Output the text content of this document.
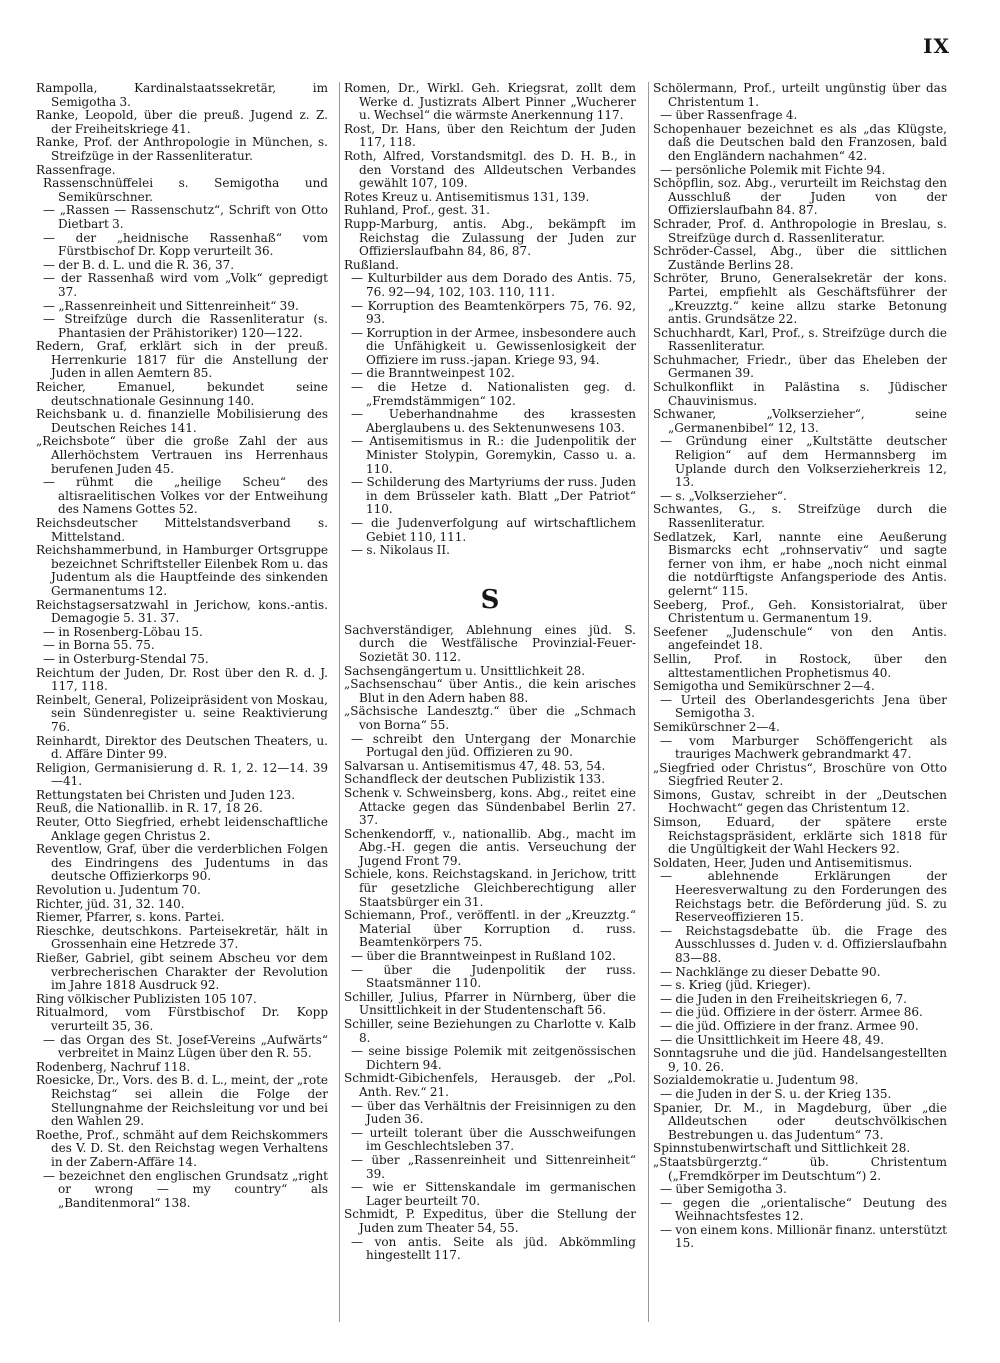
IX

Rampolla, Kardinalstaatssekretär, im Semigotha 3.

Ranke, Leopold, über die preuß. Jugend z. Z. der Freiheitskriege 41.

Ranke, Prof. der Anthropologie in München, s. Streifzüge in der Rassenliteratur.

Rassenfrage.

Rassenschnüffelei s. Semigotha und Semikürschner.

— „Rassen — Rassenschutz“, Schrift von Otto Dietbart 3.

— der „heidnische Rassenhaß“ vom Fürstbischof Dr. Kopp verurteilt 36.

— der B. d. L. und die R. 36, 37.

— der Rassenhaß wird vom „Volk“ gepredigt 37.

— „Rassenreinheit und Sittenreinheit“ 39.

— Streifzüge durch die Rassenliteratur (s. Phantasien der Prähistoriker) 120—122.

Redern, Graf, erklärt sich in der preuß. Herrenkurie 1817 für die Anstellung der Juden in allen Aemtern 85.

Reicher, Emanuel, bekundet seine deutschnationale Gesinnung 140.

Reichsbank u. d. finanzielle Mobilisierung des Deutschen Reiches 141.

„Reichsbote“ über die große Zahl der aus Allerhöchstem Vertrauen ins Herrenhaus berufenen Juden 45.

— rühmt die „heilige Scheu“ des altisraelitischen Volkes vor der Entweihung des Namens Gottes 52.

Reichsdeutscher Mittelstandsverband s. Mittelstand.

Reichshammerbund, in Hamburger Ortsgruppe bezeichnet Schriftsteller Eilenbek Rom u. das Judentum als die Hauptfeinde des sinkenden Germanentums 12.

Reichstagsersatzwahl in Jerichow, kons.-antis. Demagogie 5. 31. 37.

— in Rosenberg-Löbau 15.

— in Borna 55. 75.

— in Osterburg-Stendal 75.

Reichtum der Juden, Dr. Rost über den R. d. J. 117, 118.

Reinbelt, General, Polizeipräsident von Moskau, sein Sündenregister u. seine Reaktivierung 76.

Reinhardt, Direktor des Deutschen Theaters, u. d. Affäre Dinter 99.

Religion, Germanisierung d. R. 1, 2. 12—14. 39—41.

Rettungstaten bei Christen und Juden 123.

Reuß, die Nationallib. in R. 17, 18 26.

Reuter, Otto Siegfried, erhebt leidenschaftliche Anklage gegen Christus 2.

Reventlow, Graf, über die verderblichen Folgen des Eindringens des Judentums in das deutsche Offizierkorps 90.

Revolution u. Judentum 70.

Richter, jüd. 31, 32. 140.

Riemer, Pfarrer, s. kons. Partei.

Rieschke, deutschkons. Parteisekretär, hält in Grossenhain eine Hetzrede 37.

Rießer, Gabriel, gibt seinem Abscheu vor dem verbrecherischen Charakter der Revolution im Jahre 1818 Ausdruck 92.

Ring völkischer Publizisten 105 107.

Ritualmord, vom Fürstbischof Dr. Kopp verurteilt 35, 36.

— das Organ des St. Josef-Vereins „Aufwärts“ verbreitet in Mainz Lügen über den R. 55.

Rodenberg, Nachruf 118.

Roesicke, Dr., Vors. des B. d. L., meint, der „rote Reichstag“ sei allein die Folge der Stellungnahme der Reichsleitung vor und bei den Wahlen 29.

Roethe, Prof., schmäht auf dem Reichskommers des V. D. St. den Reichstag wegen Verhaltens in der Zabern-Affäre 14.

— bezeichnet den englischen Grundsatz „right or wrong — my country“ als „Banditenmoral“ 138.

Romen, Dr., Wirkl. Geh. Kriegsrat, zollt dem Werke d. Justizrats Albert Pinner „Wucherer u. Wechsel“ die wärmste Anerkennung 117.

Rost, Dr. Hans, über den Reichtum der Juden 117, 118.

Roth, Alfred, Vorstandsmitgl. des D. H. B., in den Vorstand des Alldeutschen Verbandes gewählt 107, 109.

Rotes Kreuz u. Antisemitismus 131, 139.

Ruhland, Prof., gest. 31.

Rupp-Marburg, antis. Abg., bekämpft im Reichstag die Zulassung der Juden zur Offizierslaufbahn 84, 86, 87.

Rußland.

— Kulturbilder aus dem Dorado des Antis. 75, 76. 92—94, 102, 103. 110, 111.

— Korruption des Beamtenkörpers 75, 76. 92, 93.

— Korruption in der Armee, insbesondere auch die Unfähigkeit u. Gewissenlosigkeit der Offiziere im russ.-japan. Kriege 93, 94.

— die Branntweinpest 102.

— die Hetze d. Nationalisten geg. d. „Fremdstämmigen“ 102.

— Ueberhandnahme des krassesten Aberglaubens u. des Sektenunwesens 103.

— Antisemitismus in R.: die Judenpolitik der Minister Stolypin, Goremykin, Casso u. a. 110.

— Schilderung des Martyriums der russ. Juden in dem Brüsseler kath. Blatt „Der Patriot“ 110.

— die Judenverfolgung auf wirtschaftlichem Gebiet 110, 111.

— s. Nikolaus II.

S

Sachverständiger, Ablehnung eines jüd. S. durch die Westfälische Provinzial-Feuer-Sozietät 30. 112.

Sachsengängertum u. Unsittlichkeit 28.

„Sachsenschau“ über Antis., die kein arisches Blut in den Adern haben 88.

„Sächsische Landesztg.“ über die „Schmach von Borna“ 55.

— schreibt den Untergang der Monarchie Portugal den jüd. Offizieren zu 90.

Salvarsan u. Antisemitismus 47, 48. 53, 54.

Schandfleck der deutschen Publizistik 133.

Schenk v. Schweinsberg, kons. Abg., reitet eine Attacke gegen das Sündenbabel Berlin 27. 37.

Schenkendorff, v., nationallib. Abg., macht im Abg.-H. gegen die antis. Verseuchung der Jugend Front 79.

Schiele, kons. Reichstagskand. in Jerichow, tritt für gesetzliche Gleichberechtigung aller Staatsbürger ein 31.

Schiemann, Prof., veröffentl. in der „Kreuzztg.“ Material über Korruption d. russ. Beamtenkörpers 75.

— über die Branntweinpest in Rußland 102.

— über die Judenpolitik der russ. Staatsmänner 110.

Schiller, Julius, Pfarrer in Nürnberg, über die Unsittlichkeit in der Studentenschaft 56.

Schiller, seine Beziehungen zu Charlotte v. Kalb 8.

— seine bissige Polemik mit zeitgenössischen Dichtern 94.

Schmidt-Gibichenfels, Herausgeb. der „Pol. Anth. Rev.“ 21.

— über das Verhältnis der Freisinnigen zu den Juden 36.

— urteilt tolerant über die Ausschweifungen im Geschlechtsleben 37.

— über „Rassenreinheit und Sittenreinheit“ 39.

— wie er Sittenskandale im germanischen Lager beurteilt 70.

Schmidt, P. Expeditus, über die Stellung der Juden zum Theater 54, 55.

— von antis. Seite als jüd. Abkömmling hingestellt 117.

Schölermann, Prof., urteilt ungünstig über das Christentum 1.

— über Rassenfrage 4.

Schopenhauer bezeichnet es als „das Klügste, daß die Deutschen bald den Franzosen, bald den Engländern nachahmen“ 42.

— persönliche Polemik mit Fichte 94.

Schöpflin, soz. Abg., verurteilt im Reichstag den Ausschluß der Juden von der Offizierslaufbahn 84. 87.

Schrader, Prof. d. Anthropologie in Breslau, s. Streifzüge durch d. Rassenliteratur.

Schröder-Cassel, Abg., über die sittlichen Zustände Berlins 28.

Schröter, Bruno, Generalsekretär der kons. Partei, empfiehlt als Geschäftsführer der „Kreuzztg.“ keine allzu starke Betonung antis. Grundsätze 22.

Schuchhardt, Karl, Prof., s. Streifzüge durch die Rassenliteratur.

Schuhmacher, Friedr., über das Eheleben der Germanen 39.

Schulkonflikt in Palästina s. Jüdischer Chauvinismus.

Schwaner, „Volkserzieher“, seine „Germanenbibel“ 12, 13.

— Gründung einer „Kultstätte deutscher Religion“ auf dem Hermannsberg im Uplande durch den Volkserzieherkreis 12, 13.

— s. „Volkserzieher“.

Schwantes, G., s. Streifzüge durch die Rassenliteratur.

Sedlatzek, Karl, nannte eine Aeußerung Bismarcks echt „rohnservativ“ und sagte ferner von ihm, er habe „noch nicht einmal die notdürftigste Anfangsperiode des Antis. gelernt“ 115.

Seeberg, Prof., Geh. Konsistorialrat, über Christentum u. Germanentum 19.

Seefener „Judenschule“ von den Antis. angefeindet 18.

Sellin, Prof. in Rostock, über den alttestamentlichen Prophetismus 40.

Semigotha und Semikürschner 2—4.

— Urteil des Oberlandesgerichts Jena über Semigotha 3.

Semikürschner 2—4.

— vom Marburger Schöffengericht als trauriges Machwerk gebrandmarkt 47.

„Siegfried oder Christus“, Broschüre von Otto Siegfried Reuter 2.

Simons, Gustav, schreibt in der „Deutschen Hochwacht“ gegen das Christentum 12.

Simson, Eduard, der spätere erste Reichstagspräsident, erklärte sich 1818 für die Ungültigkeit der Wahl Heckers 92.

Soldaten, Heer, Juden und Antisemitismus.

— ablehnende Erklärungen der Heeresverwaltung zu den Forderungen des Reichstags betr. die Beförderung jüd. S. zu Reserveoffizieren 15.

— Reichstagsdebatte üb. die Frage des Ausschlusses d. Juden v. d. Offizierslaufbahn 83—88.

— Nachklänge zu dieser Debatte 90.

— s. Krieg (jüd. Krieger).

— die Juden in den Freiheitskriegen 6, 7.

— die jüd. Offiziere in der österr. Armee 86.

— die jüd. Offiziere in der franz. Armee 90.

— die Unsittlichkeit im Heere 48, 49.

Sonntagsruhe und die jüd. Handelsangestellten 9, 10. 26.

Sozialdemokratie u. Judentum 98.

— die Juden in der S. u. der Krieg 135.

Spanier, Dr. M., in Magdeburg, über „die Alldeutschen oder deutschvölkischen Bestrebungen u. das Judentum“ 73.

Spinnstubenwirtschaft und Sittlichkeit 28.

„Staatsbürgerztg.“ üb. Christentum („Fremdkörper im Deutschtum“) 2.

— über Semigotha 3.

— gegen die „orientalische“ Deutung des Weihnachtsfestes 12.

— von einem kons. Millionär finanz. unterstützt 15.
